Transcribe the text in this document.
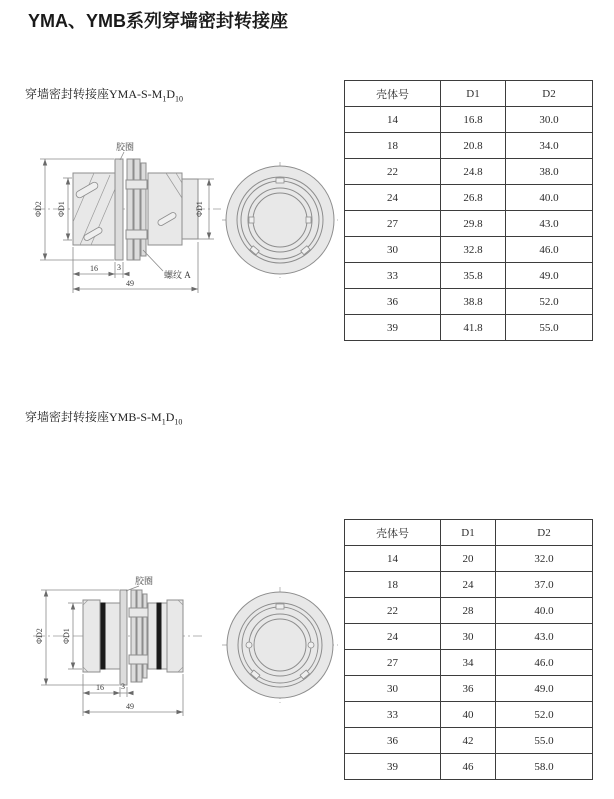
YMA、YMB系列穿墙密封转接座
穿墙密封转接座YMA-$S-M_1D_{10}$
ΦD2 ΦD1	ΦD1
胶圈
螺纹 A
16 3
49
壳体号	D1	D2
14	16.8	30.0
18	20.8	34.0
22	24.8	38.0
24	26.8	40.0
27	29.8	43.0
30	32.8	46.0
33	35.8	49.0
36	38.8	52.0
39	41.8	55.0
穿墙密封转接座YMB-$S-M_1D_{10}$
ΦD2 ΦD1
胶圈
16 3
49
壳体号	D1	D2
14	20	32.0
18	24	37.0
22	28	40.0
24	30	43.0
27	34	46.0
30	36	49.0
33	40	52.0
36	42	55.0
39	46	58.0
